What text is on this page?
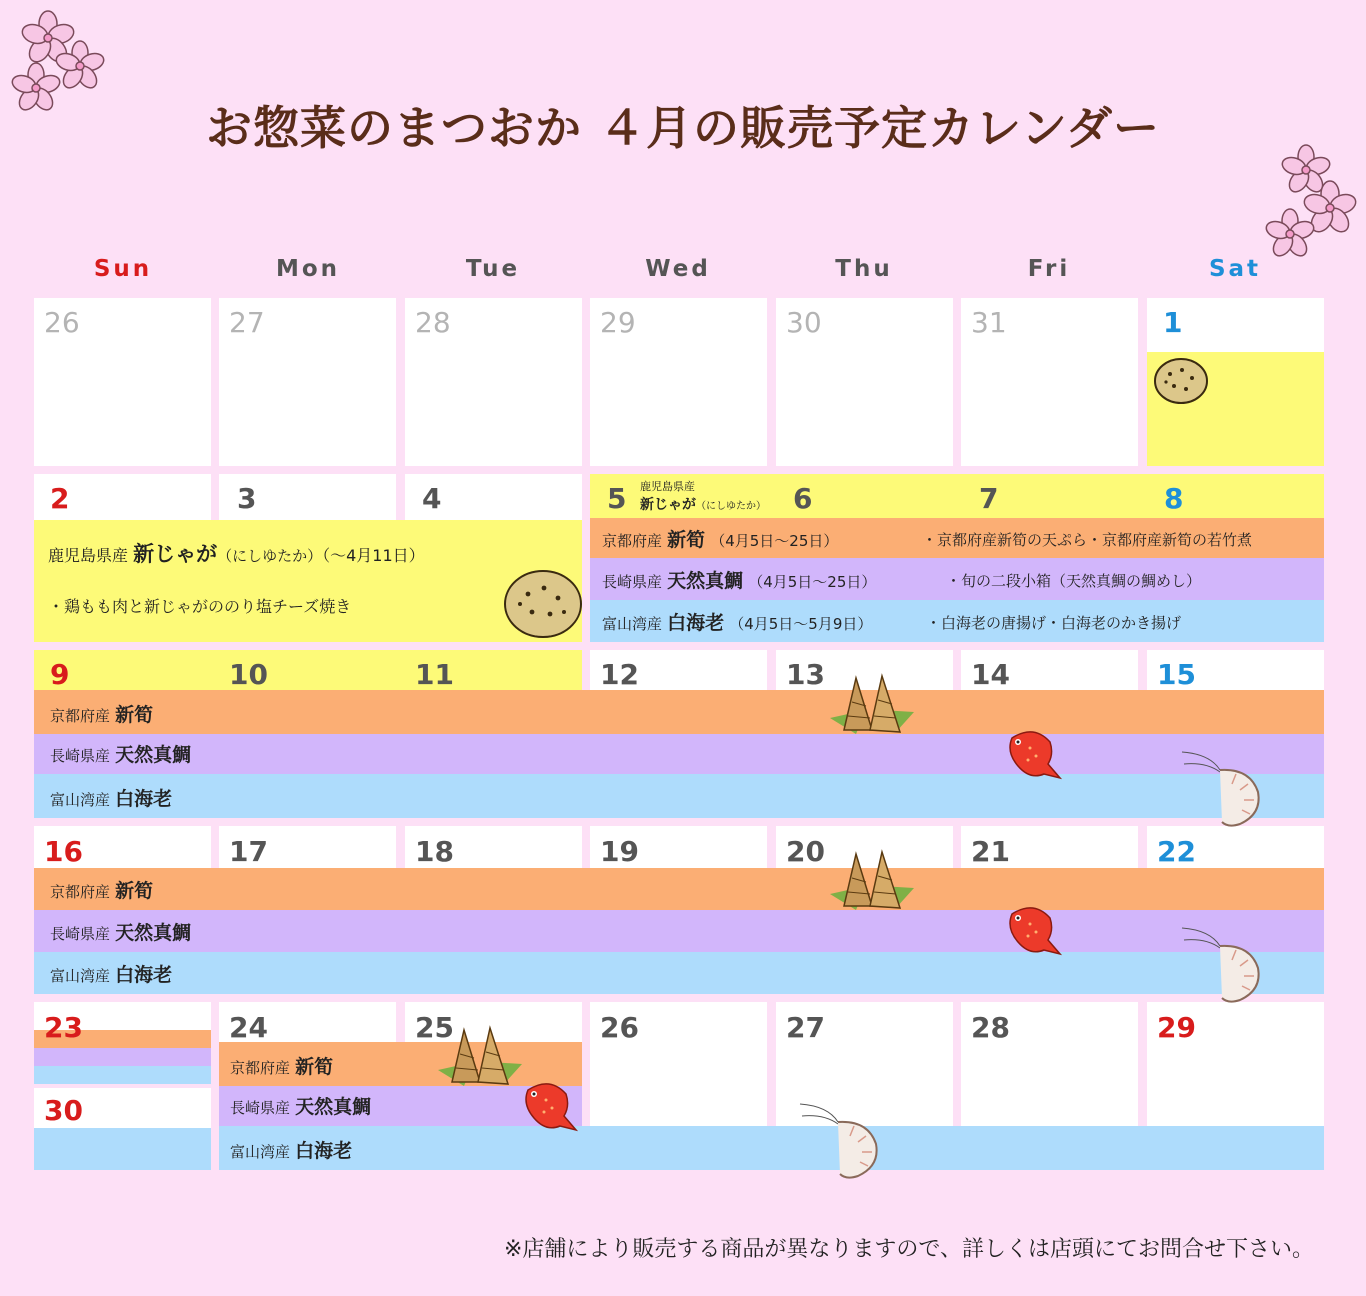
お惣菜のまつおか ４月の販売予定カレンダー
Sun	Mon	Tue	Wed	Thu	Fri	Sat
26	27	28	29	30	31	1
2	3	4	5	6	7	8
鹿児島県産
新じゃが（にしゆたか）
鹿児島県産 新じゃが（にしゆたか）（～4月11日）
・鶏もも肉と新じゃがののり塩チーズ焼き
京都府産 新筍 （4月5日～25日）	・京都府産新筍の天ぷら・京都府産新筍の若竹煮
長崎県産 天然真鯛 （4月5日～25日）	・旬の二段小箱（天然真鯛の鯛めし）
富山湾産 白海老 （4月5日～5月9日）	・白海老の唐揚げ・白海老のかき揚げ
9	10	11	12	13	14	15
京都府産 新筍
長崎県産 天然真鯛
富山湾産 白海老
16	17	18	19	20	21	22
京都府産 新筍
長崎県産 天然真鯛
富山湾産 白海老
23	24	25	26	27	28	29
30
京都府産 新筍
長崎県産 天然真鯛
富山湾産 白海老
※店舗により販売する商品が異なりますので、詳しくは店頭にてお問合せ下さい。
